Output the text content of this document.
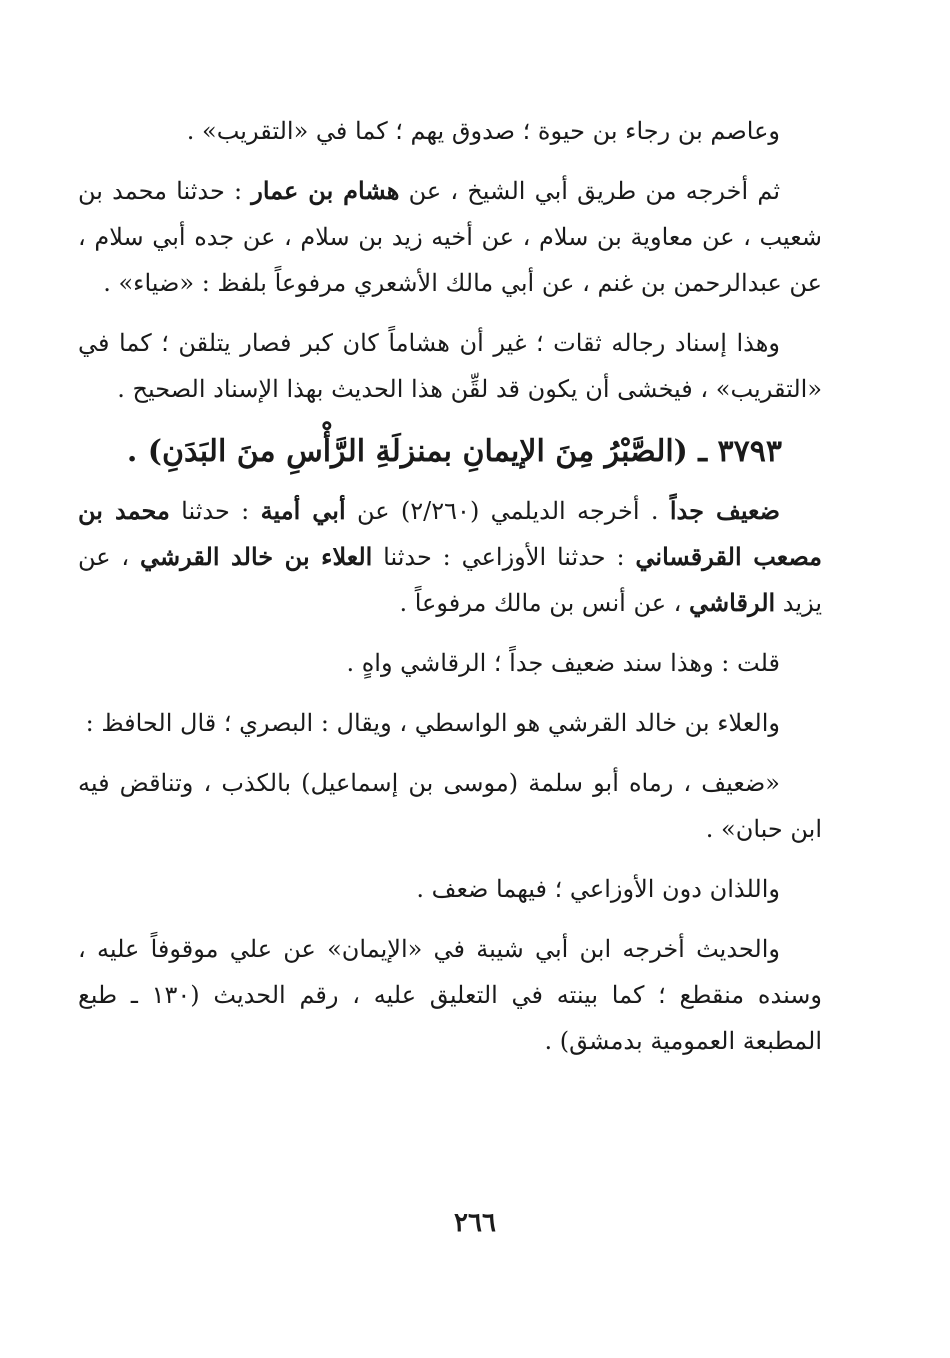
وعاصم بن رجاء بن حيوة ؛ صدوق يهم ؛ كما في «التقريب» .

ثم أخرجه من طريق أبي الشيخ ، عن هشام بن عمار : حدثنا محمد بن شعيب ، عن معاوية بن سلام ، عن أخيه زيد بن سلام ، عن جده أبي سلام ، عن عبدالرحمن بن غنم ، عن أبي مالك الأشعري مرفوعاً بلفظ : «ضياء» .

وهذا إسناد رجاله ثقات ؛ غير أن هشاماً كان كبر فصار يتلقن ؛ كما في «التقريب» ، فيخشى أن يكون قد لقِّن هذا الحديث بهذا الإسناد الصحيح .

٣٧٩٣ ـ (الصَّبْرُ مِنَ الإيمانِ بمنزلَةِ الرَّأْسِ منَ البَدَنِ) .

ضعيف جداً . أخرجه الديلمي (٢/٢٦٠) عن أبي أمية : حدثنا محمد بن مصعب القرقساني : حدثنا الأوزاعي : حدثنا العلاء بن خالد القرشي ، عن يزيد الرقاشي ، عن أنس بن مالك مرفوعاً .

قلت : وهذا سند ضعيف جداً ؛ الرقاشي واهٍ .

والعلاء بن خالد القرشي هو الواسطي ، ويقال : البصري ؛ قال الحافظ :

«ضعيف ، رماه أبو سلمة (موسى بن إسماعيل) بالكذب ، وتناقض فيه ابن حبان» .

واللذان دون الأوزاعي ؛ فيهما ضعف .

والحديث أخرجه ابن أبي شيبة في «الإيمان» عن علي موقوفاً عليه ، وسنده منقطع ؛ كما بينته في التعليق عليه ، رقم الحديث (١٣٠ ـ طبع المطبعة العمومية بدمشق) .

٢٦٦
